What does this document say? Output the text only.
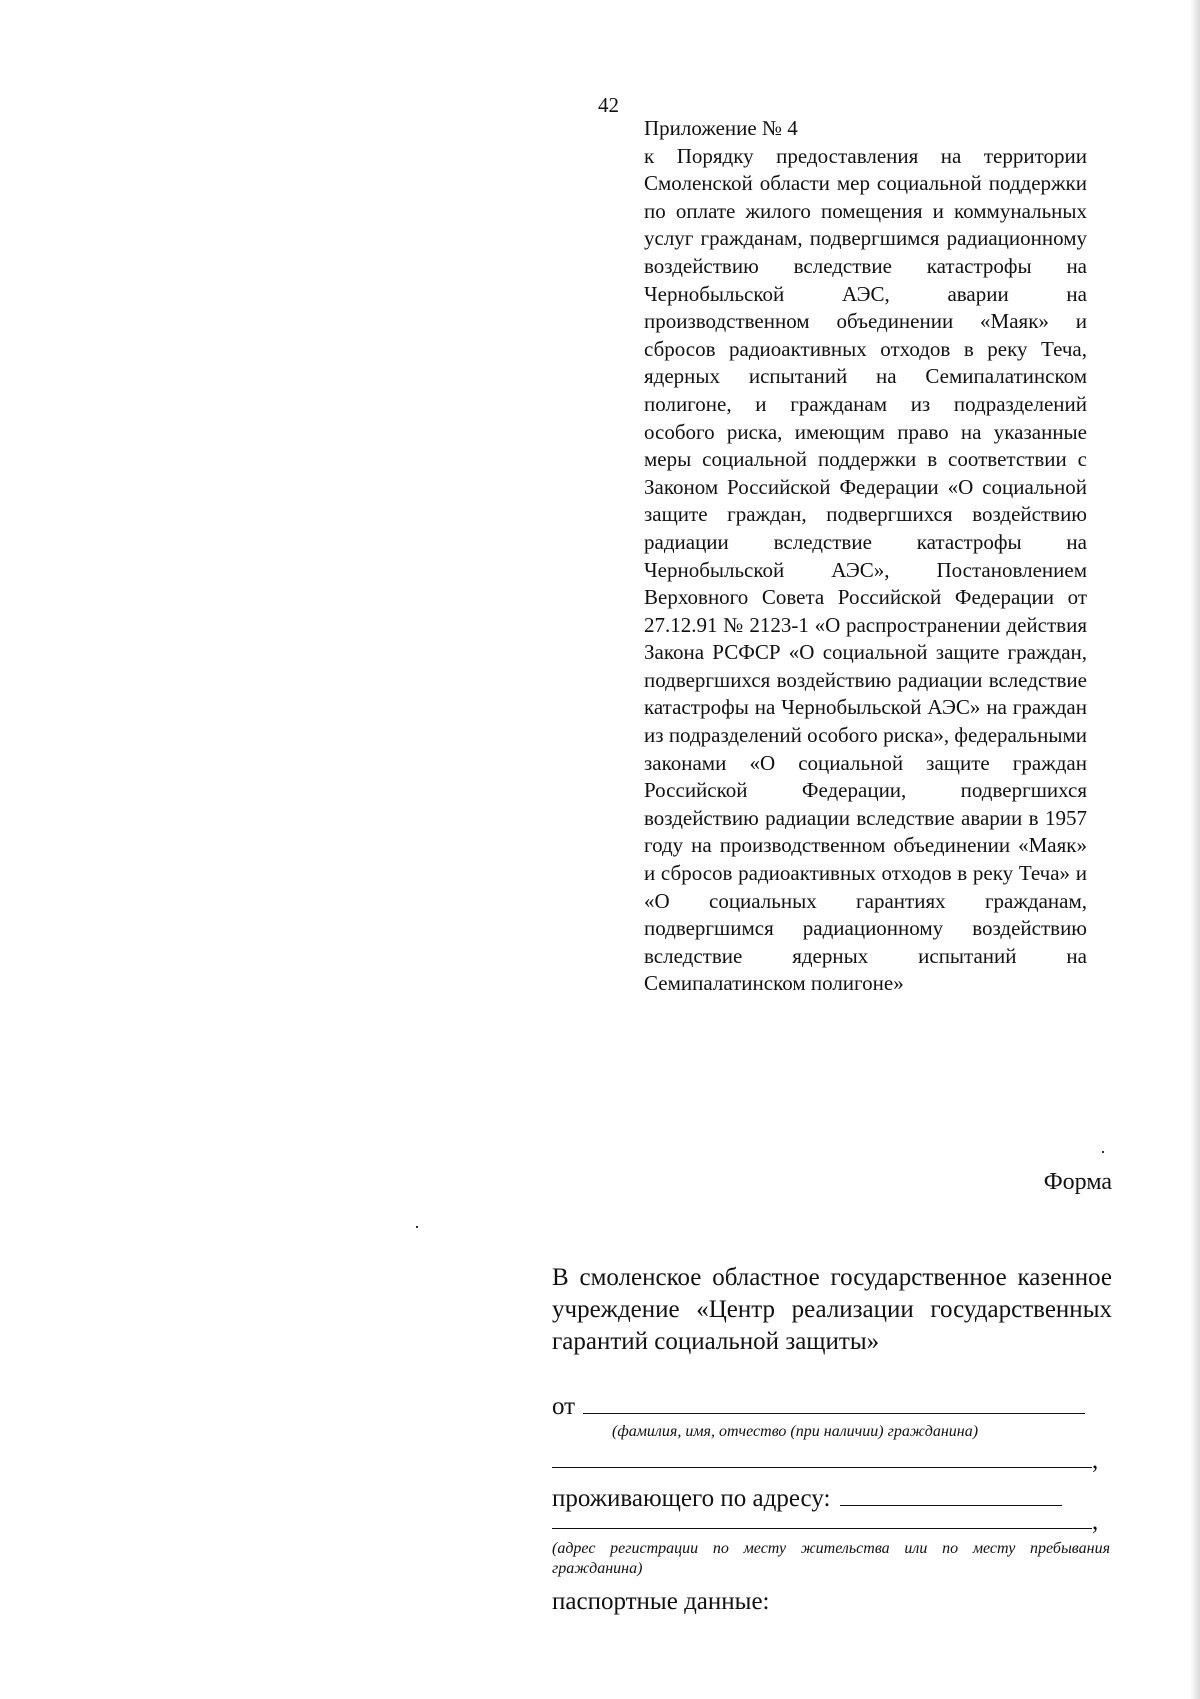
42

Приложение № 4

к Порядку предоставления на территории Смоленской области мер социальной поддержки по оплате жилого помещения и коммунальных услуг гражданам, подвергшимся радиационному воздействию вследствие катастрофы на Чернобыльской АЭС, аварии на производственном объединении «Маяк» и сбросов радиоактивных отходов в реку Теча, ядерных испытаний на Семипалатинском полигоне, и гражданам из подразделений особого риска, имеющим право на указанные меры социальной поддержки в соответствии с Законом Российской Федерации «О социальной защите граждан, подвергшихся воздействию радиации вследствие катастрофы на Чернобыльской АЭС», Постановлением Верховного Совета Российской Федерации от 27.12.91 № 2123-1 «О распространении действия Закона РСФСР «О социальной защите граждан, подвергшихся воздействию радиации вследствие катастрофы на Чернобыльской АЭС» на граждан из подразделений особого риска», федеральными законами «О социальной защите граждан Российской Федерации, подвергшихся воздействию радиации вследствие аварии в 1957 году на производственном объединении «Маяк» и сбросов радиоактивных отходов в реку Теча» и «О социальных гарантиях гражданам, подвергшимся радиационному воздействию вследствие ядерных испытаний на Семипалатинском полигоне»

Форма

В смоленское областное государственное казенное учреждение «Центр реализации государственных гарантий социальной защиты»

от
(фамилия, имя, отчество (при наличии) гражданина)
,
проживающего по адресу:
,

(адрес регистрации по месту жительства или по месту пребывания гражданина)

паспортные данные:
